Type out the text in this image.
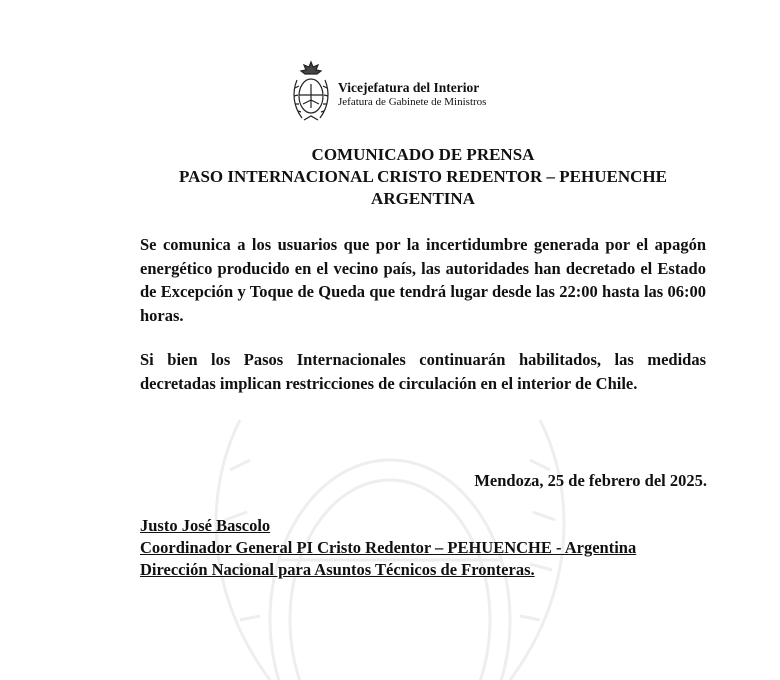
Vicejefatura del Interior
Jefatura de Gabinete de Ministros
COMUNICADO DE PRENSA
PASO INTERNACIONAL CRISTO REDENTOR – PEHUENCHE
ARGENTINA

Se comunica a los usuarios que por la incertidumbre generada por el apagón energético producido en el vecino país, las autoridades han decretado el Estado de Excepción y Toque de Queda que tendrá lugar desde las 22:00 hasta las 06:00 horas.

Si bien los Pasos Internacionales continuarán habilitados, las medidas decretadas implican restricciones de circulación en el interior de Chile.

Mendoza, 25 de febrero del 2025.
Justo José Bascolo
Coordinador General PI Cristo Redentor – PEHUENCHE - Argentina
Dirección Nacional para Asuntos Técnicos de Fronteras.
